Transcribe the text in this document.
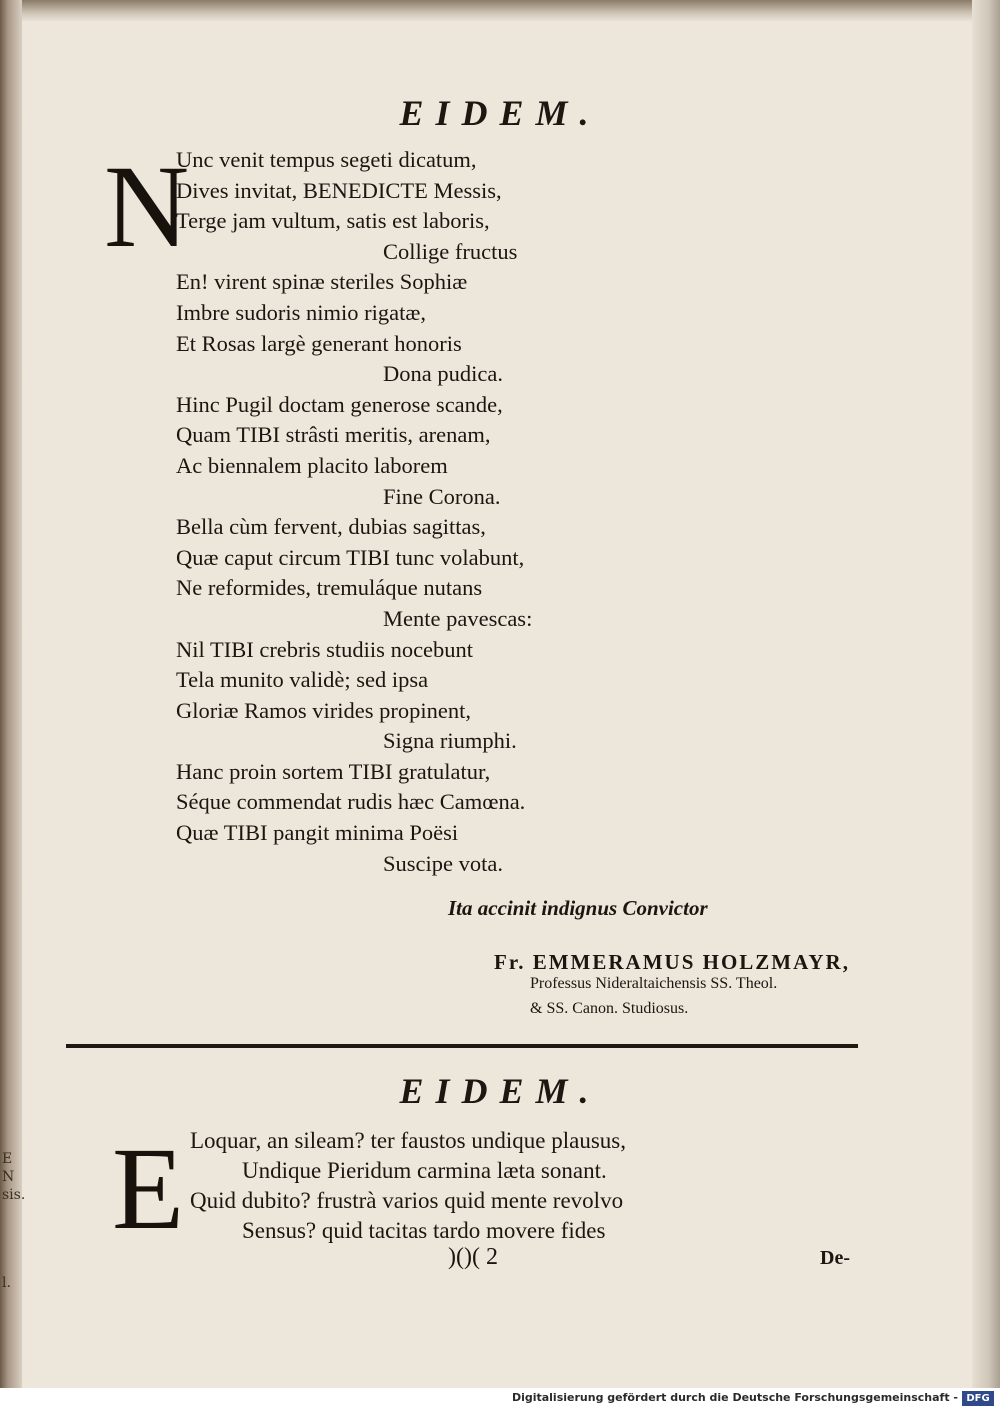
E
N
sis.
l.
EIDEM.
N
Unc venit tempus segeti dicatum,
Dives invitat, BENEDICTE Messis,
Terge jam vultum, satis est laboris,
Collige fructus
En! virent spinæ steriles Sophiæ
Imbre sudoris nimio rigatæ,
Et Rosas largè generant honoris
Dona pudica.
Hinc Pugil doctam generose scande,
Quam TIBI strâsti meritis, arenam,
Ac biennalem placito laborem
Fine Corona.
Bella cùm fervent, dubias sagittas,
Quæ caput circum TIBI tunc volabunt,
Ne reformides, tremuláque nutans
Mente pavescas:
Nil TIBI crebris studiis nocebunt
Tela munito validè; sed ipsa
Gloriæ Ramos virides propinent,
Signa riumphi.
Hanc proin sortem TIBI gratulatur,
Séque commendat rudis hæc Camœna.
Quæ TIBI pangit minima Poësi
Suscipe vota.
Ita accinit indignus Convictor
Fr. EMMERAMUS HOLZMAYR,
Professus Nideraltaichensis SS. Theol.
& SS. Canon. Studiosus.
EIDEM.
E Loquar, an sileam? ter faustos undique plausus,
Undique Pieridum carmina læta sonant.
Quid dubito? frustrà varios quid mente revolvo
Sensus? quid tacitas tardo movere fides
)()( 2	De-
Digitalisierung gefördert durch die Deutsche Forschungsgemeinschaft - DFG
